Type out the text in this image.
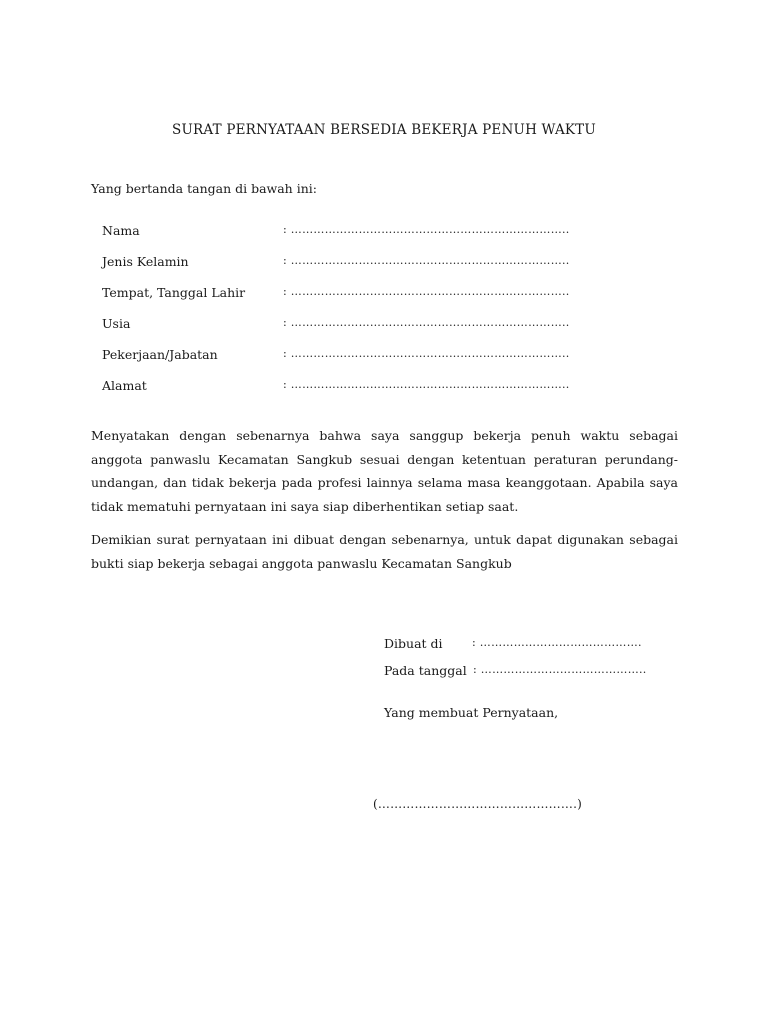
SURAT PERNYATAAN BERSEDIA BEKERJA PENUH WAKTU
Yang bertanda tangan di bawah ini:
Nama	: ………………………………………………………………..
Jenis Kelamin	: ………………………………………………………………..
Tempat, Tanggal Lahir	: ………………………………………………………………..
Usia	: ………………………………………………………………..
Pekerjaan/Jabatan	: ………………………………………………………………..
Alamat	: ………………………………………………………………..

Menyatakan dengan sebenarnya bahwa saya sanggup bekerja penuh waktu sebagai anggota panwaslu Kecamatan Sangkub sesuai dengan ketentuan peraturan perundang-undangan, dan tidak bekerja pada profesi lainnya selama masa keanggotaan. Apabila saya tidak mematuhi pernyataan ini saya siap diberhentikan setiap saat.

Demikian surat pernyataan ini dibuat dengan sebenarnya, untuk dapat digunakan sebagai bukti siap bekerja sebagai anggota panwaslu Kecamatan Sangkub

Dibuat di	: …………………………………….
Pada tanggal : ……………………………………..
Yang membuat Pernyataan,
(………………………………………….)
